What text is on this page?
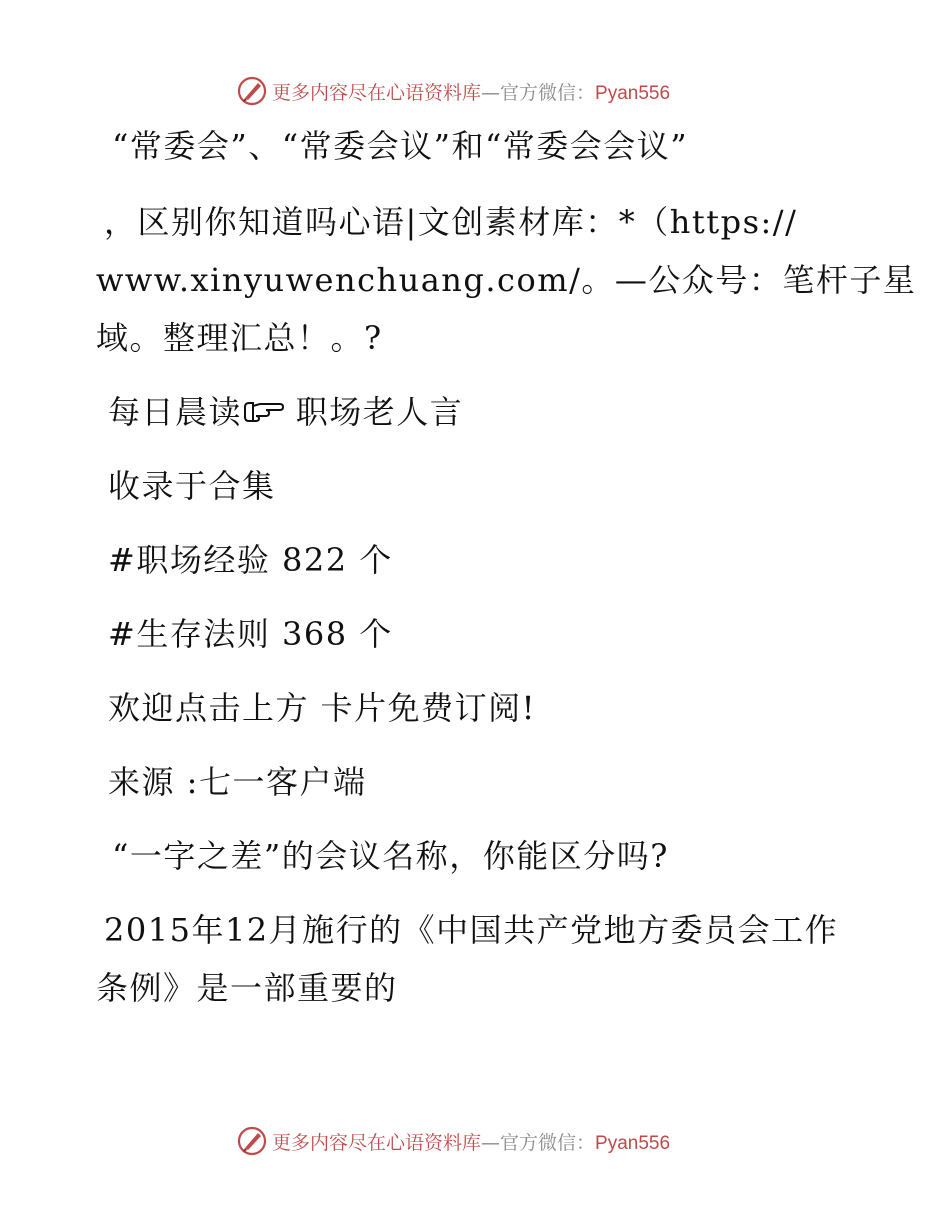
更多内容尽在心语资料库—官方微信：Pyan556
“常委会”、“常委会议”和“常委会会议”
，区别你知道吗心语|文创素材库：*（https://
www.xinyuwenchuang.com/。—公众号：笔杆子星
域。整理汇总！。?
每日晨读 职场老人言
收录于合集
#职场经验 822 个
#生存法则 368 个
欢迎点击上方 卡片免费订阅!
来源 :七一客户端
“一字之差”的会议名称，你能区分吗?
2015年12月施行的《中国共产党地方委员会工作
条例》是一部重要的
更多内容尽在心语资料库—官方微信：Pyan556
